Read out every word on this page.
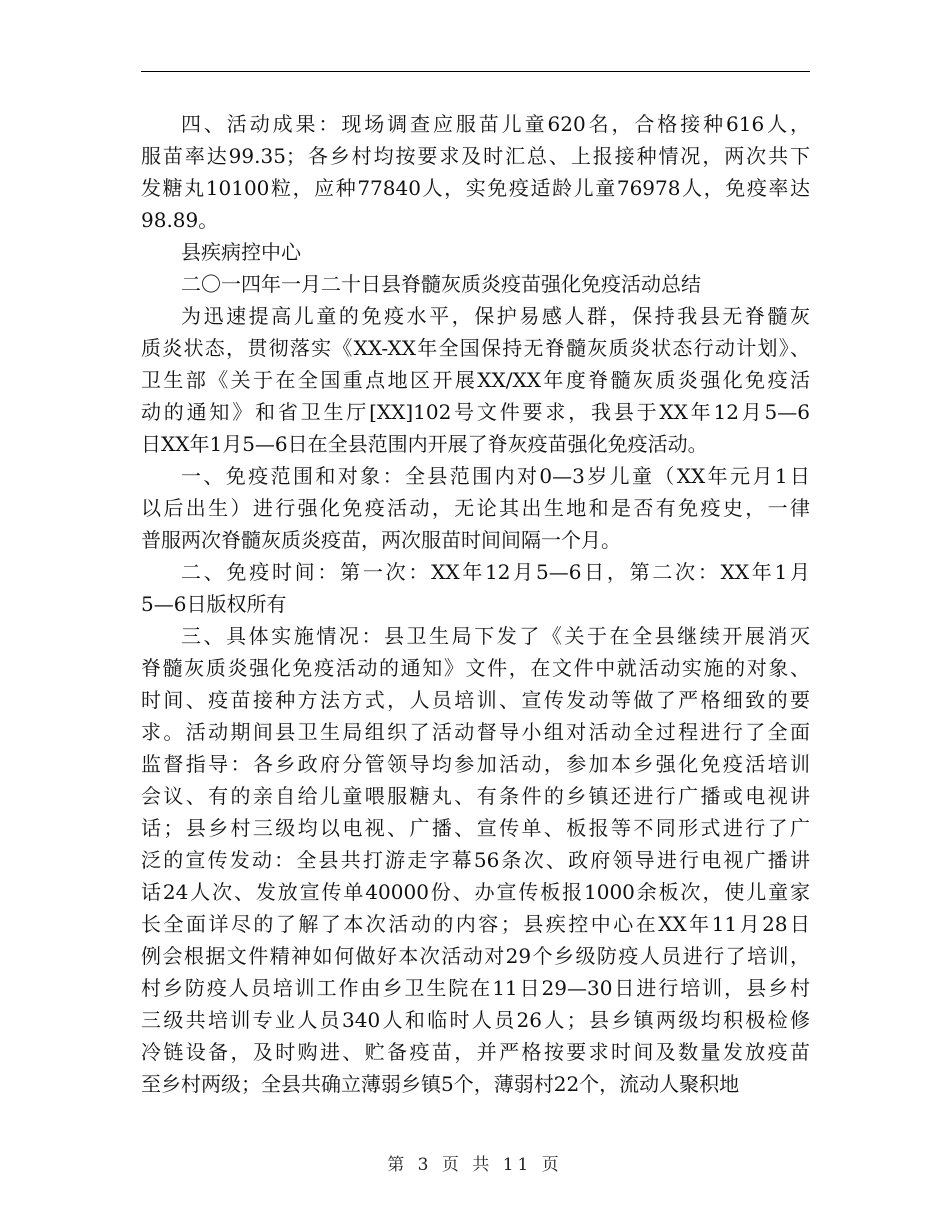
四、活动成果：现场调查应服苗儿童620名，合格接种616人，
服苗率达99.35；各乡村均按要求及时汇总、上报接种情况，两次共下
发糖丸10100粒，应种77840人，实免疫适龄儿童76978人，免疫率达
98.89。
县疾病控中心
二〇一四年一月二十日县脊髓灰质炎疫苗强化免疫活动总结
为迅速提高儿童的免疫水平，保护易感人群，保持我县无脊髓灰
质炎状态，贯彻落实《XX-XX年全国保持无脊髓灰质炎状态行动计划》、
卫生部《关于在全国重点地区开展XX/XX年度脊髓灰质炎强化免疫活
动的通知》和省卫生厅[XX]102号文件要求，我县于XX年12月5—6
日XX年1月5—6日在全县范围内开展了脊灰疫苗强化免疫活动。
一、免疫范围和对象：全县范围内对0—3岁儿童（XX年元月1日
以后出生）进行强化免疫活动，无论其出生地和是否有免疫史，一律
普服两次脊髓灰质炎疫苗，两次服苗时间间隔一个月。
二、免疫时间：第一次：XX年12月5—6日，第二次：XX年1月
5—6日版权所有
三、具体实施情况：县卫生局下发了《关于在全县继续开展消灭
脊髓灰质炎强化免疫活动的通知》文件，在文件中就活动实施的对象、
时间、疫苗接种方法方式，人员培训、宣传发动等做了严格细致的要
求。活动期间县卫生局组织了活动督导小组对活动全过程进行了全面
监督指导：各乡政府分管领导均参加活动，参加本乡强化免疫活培训
会议、有的亲自给儿童喂服糖丸、有条件的乡镇还进行广播或电视讲
话；县乡村三级均以电视、广播、宣传单、板报等不同形式进行了广
泛的宣传发动：全县共打游走字幕56条次、政府领导进行电视广播讲
话24人次、发放宣传单40000份、办宣传板报1000余板次，使儿童家
长全面详尽的了解了本次活动的内容；县疾控中心在XX年11月28日
例会根据文件精神如何做好本次活动对29个乡级防疫人员进行了培训，
村乡防疫人员培训工作由乡卫生院在11日29—30日进行培训，县乡村
三级共培训专业人员340人和临时人员26人；县乡镇两级均积极检修
冷链设备，及时购进、贮备疫苗，并严格按要求时间及数量发放疫苗
至乡村两级；全县共确立薄弱乡镇5个，薄弱村22个，流动人聚积地
第 3 页 共 11 页
